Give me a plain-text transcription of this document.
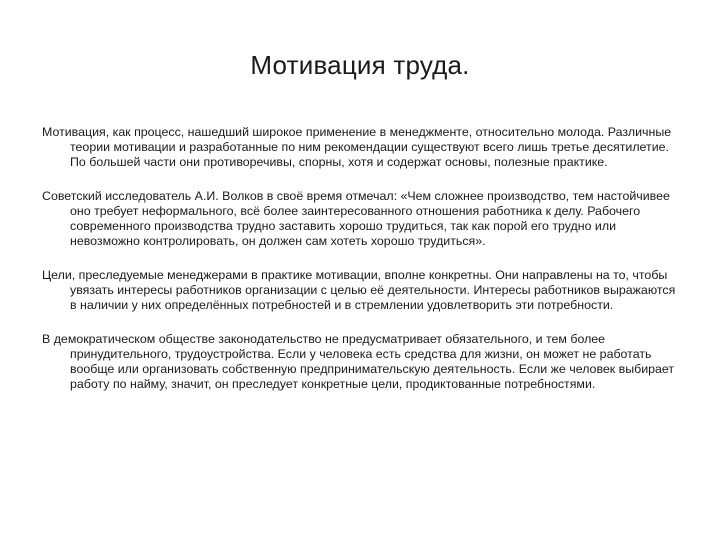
Мотивация труда.

Мотивация, как процесс, нашедший широкое применение в менеджменте, относительно молода. Различные теории мотивации и разработанные по ним рекомендации существуют всего лишь третье десятилетие. По большей части они противоречивы, спорны, хотя и содержат основы, полезные практике.

Советский исследователь А.И. Волков в своё время отмечал: «Чем сложнее производство, тем настойчивее оно требует неформального, всё более заинтересованного отношения работника к делу. Рабочего современного производства трудно заставить хорошо трудиться, так как порой его трудно или невозможно контролировать, он должен сам хотеть хорошо трудиться».

Цели, преследуемые менеджерами в практике мотивации, вполне конкретны. Они направлены на то, чтобы увязать интересы работников организации с целью её деятельности. Интересы работников выражаются в наличии у них определённых потребностей и в стремлении удовлетворить эти потребности.

В демократическом обществе законодательство не предусматривает обязательного, и тем более принудительного, трудоустройства. Если у человека есть средства для жизни, он может не работать вообще или организовать собственную предпринимательскую деятельность. Если же человек выбирает работу по найму, значит, он преследует конкретные цели, продиктованные потребностями.
